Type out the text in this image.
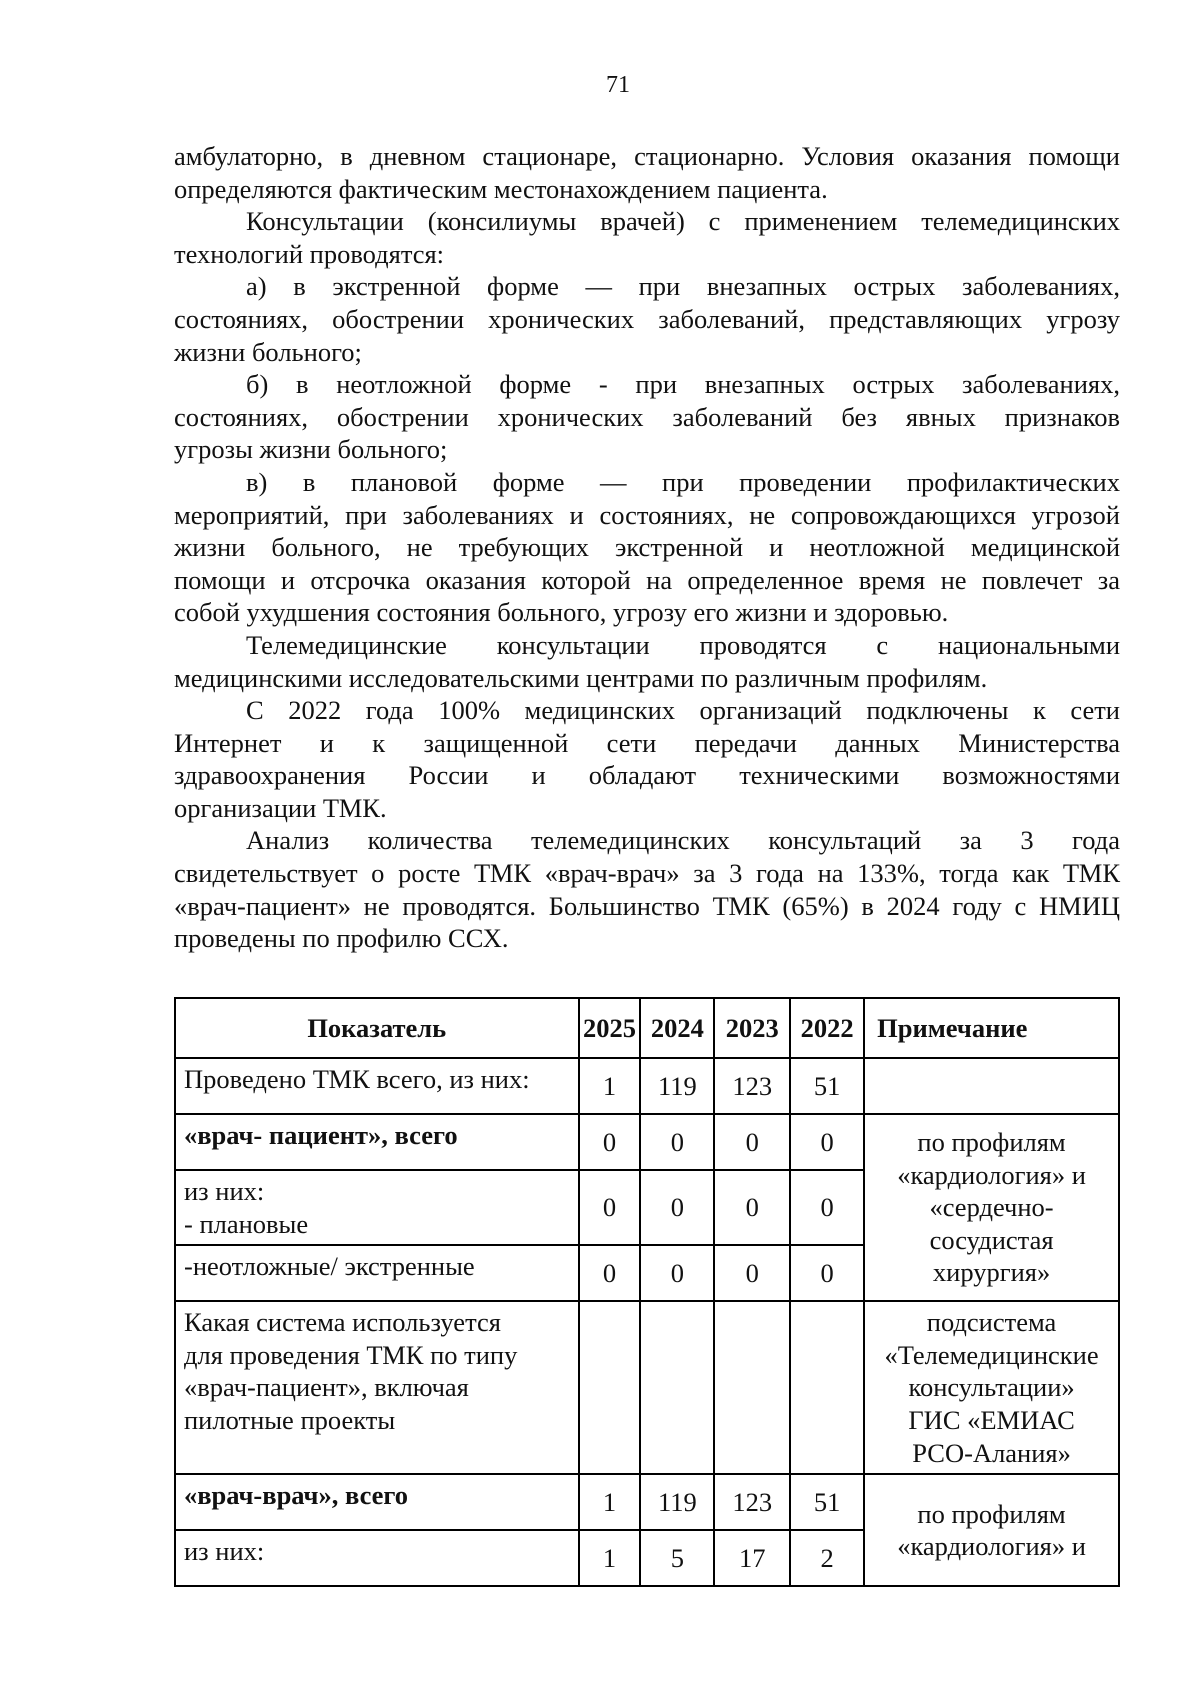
71

амбулаторно, в дневном стационаре, стационарно. Условия оказания помощи
определяются фактическим местонахождением пациента.

Консультации (консилиумы врачей) с применением телемедицинских
технологий проводятся:

а) в экстренной форме — при внезапных острых заболеваниях,
состояниях, обострении хронических заболеваний, представляющих угрозу
жизни больного;

б) в неотложной форме - при внезапных острых заболеваниях,
состояниях, обострении хронических заболеваний без явных признаков
угрозы жизни больного;

в) в плановой форме — при проведении профилактических
мероприятий, при заболеваниях и состояниях, не сопровождающихся угрозой
жизни больного, не требующих экстренной и неотложной медицинской
помощи и отсрочка оказания которой на определенное время не повлечет за
собой ухудшения состояния больного, угрозу его жизни и здоровью.

Телемедицинские консультации проводятся с национальными
медицинскими исследовательскими центрами по различным профилям.

С 2022 года 100% медицинских организаций подключены к сети
Интернет и к защищенной сети передачи данных Министерства
здравоохранения России и обладают техническими возможностями
организации ТМК.

Анализ количества телемедицинских консультаций за 3 года
свидетельствует о росте ТМК «врач-врач» за 3 года на 133%, тогда как ТМК
«врач-пациент» не проводятся. Большинство ТМК (65%) в 2024 году с НМИЦ
проведены по профилю ССХ.

Показатель	2025	2024	2023	2022	Примечание
Проведено ТМК всего, из них:	1	119	123	51	
«врач- пациент», всего	0	0	0	0	по профилям
«кардиология» и
«сердечно-
сосудистая
хирургия»

из них:
- плановые	0	0	0	0	
-неотложные/ экстренные	0	0	0	0	

Какая система используется
для проведения ТМК по типу
«врач-пациент», включая
пилотные проекты					подсистема
«Телемедицинские
консультации»
ГИС «ЕМИАС
РСО-Алания»

«врач-врач», всего	1	119	123	51	по профилям
«кардиология» и

из них:	1	5	17	2	
